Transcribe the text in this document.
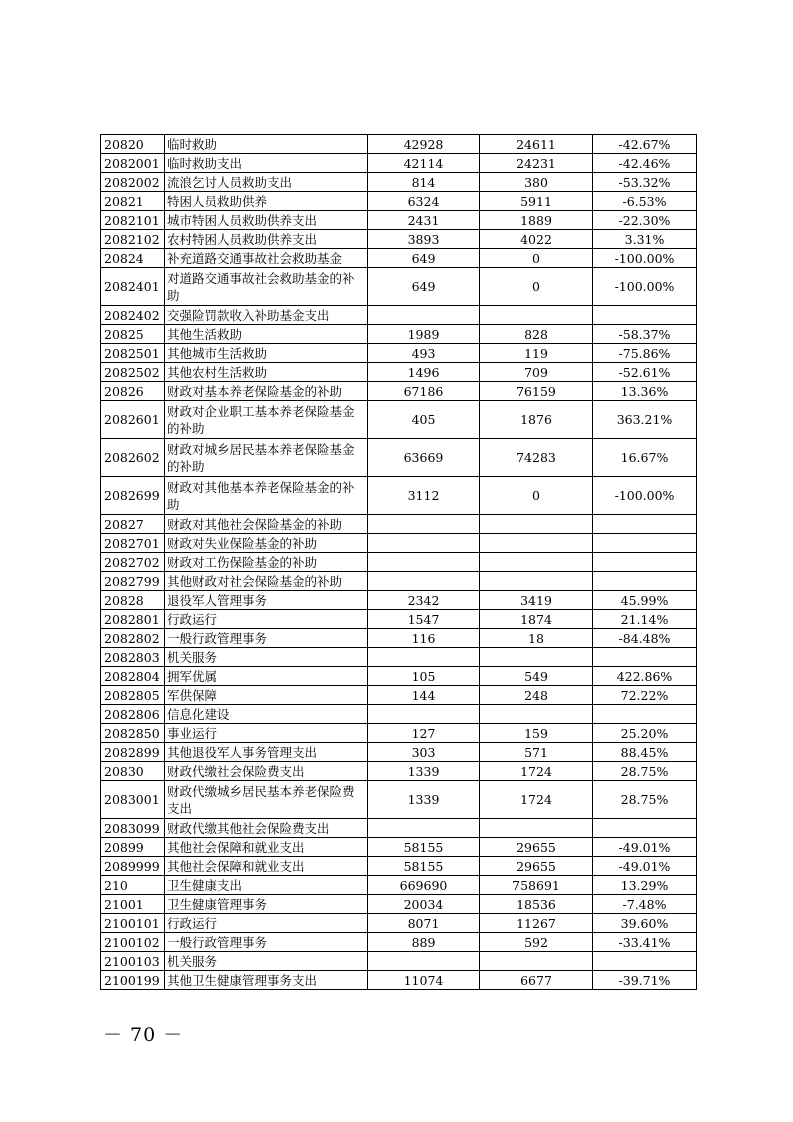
20820	临时救助	42928	24611	-42.67%
2082001	临时救助支出	42114	24231	-42.46%
2082002	流浪乞讨人员救助支出	814	380	-53.32%
20821	特困人员救助供养	6324	5911	-6.53%
2082101	城市特困人员救助供养支出	2431	1889	-22.30%
2082102	农村特困人员救助供养支出	3893	4022	3.31%
20824	补充道路交通事故社会救助基金	649	0	-100.00%
2082401	对道路交通事故社会救助基金的补助	649	0	-100.00%
2082402	交强险罚款收入补助基金支出			
20825	其他生活救助	1989	828	-58.37%
2082501	其他城市生活救助	493	119	-75.86%
2082502	其他农村生活救助	1496	709	-52.61%
20826	财政对基本养老保险基金的补助	67186	76159	13.36%
2082601	财政对企业职工基本养老保险基金的补助	405	1876	363.21%
2082602	财政对城乡居民基本养老保险基金的补助	63669	74283	16.67%
2082699	财政对其他基本养老保险基金的补助	3112	0	-100.00%
20827	财政对其他社会保险基金的补助			
2082701	财政对失业保险基金的补助			
2082702	财政对工伤保险基金的补助			
2082799	其他财政对社会保险基金的补助			
20828	退役军人管理事务	2342	3419	45.99%
2082801	行政运行	1547	1874	21.14%
2082802	一般行政管理事务	116	18	-84.48%
2082803	机关服务			
2082804	拥军优属	105	549	422.86%
2082805	军供保障	144	248	72.22%
2082806	信息化建设			
2082850	事业运行	127	159	25.20%
2082899	其他退役军人事务管理支出	303	571	88.45%
20830	财政代缴社会保险费支出	1339	1724	28.75%
2083001	财政代缴城乡居民基本养老保险费支出	1339	1724	28.75%
2083099	财政代缴其他社会保险费支出			
20899	其他社会保障和就业支出	58155	29655	-49.01%
2089999	其他社会保障和就业支出	58155	29655	-49.01%
210	卫生健康支出	669690	758691	13.29%
21001	卫生健康管理事务	20034	18536	-7.48%
2100101	行政运行	8071	11267	39.60%
2100102	一般行政管理事务	889	592	-33.41%
2100103	机关服务			
2100199	其他卫生健康管理事务支出	11074	6677	-39.71%
－ 70 －
